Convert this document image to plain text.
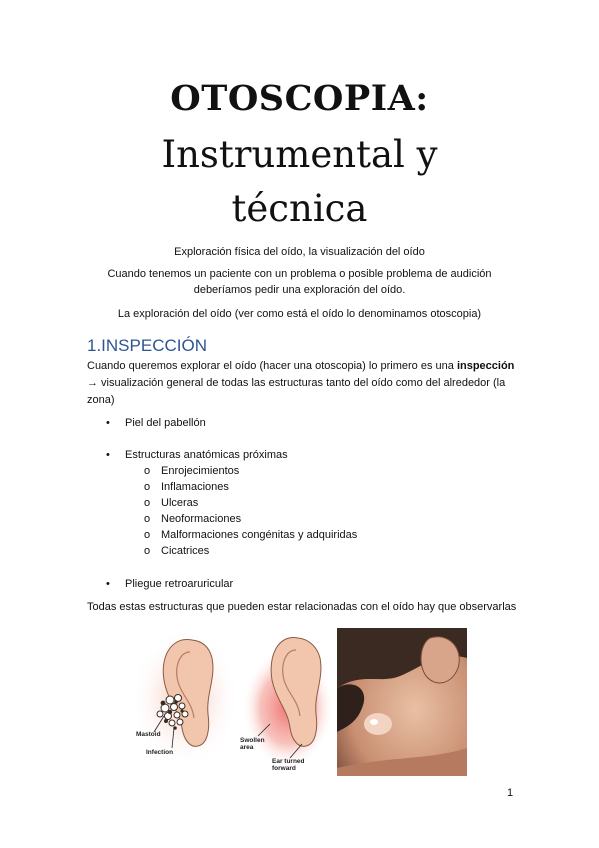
OTOSCOPIA:
Instrumental y
técnica
Exploración física del oído, la visualización del oído
Cuando tenemos un paciente con un problema o posible problema de audición
deberíamos pedir una exploración del oído.
La exploración del oído (ver como está el oído lo denominamos otoscopia)
1.INSPECCIÓN
Cuando queremos explorar el oído (hacer una otoscopia) lo primero es una inspección
→ visualización general de todas las estructuras tanto del oído como del alrededor (la
zona)
• Piel del pabellón
• Estructuras anatómicas próximas
o Enrojecimientos
o Inflamaciones
o Ulceras
o Neoformaciones
o Malformaciones congénitas y adquiridas
o Cicatrices
• Pliegue retroaruricular
Todas estas estructuras que pueden estar relacionadas con el oído hay que observarlas
Mastoid
Infection
Swollen
area
Ear turned
forward
1
